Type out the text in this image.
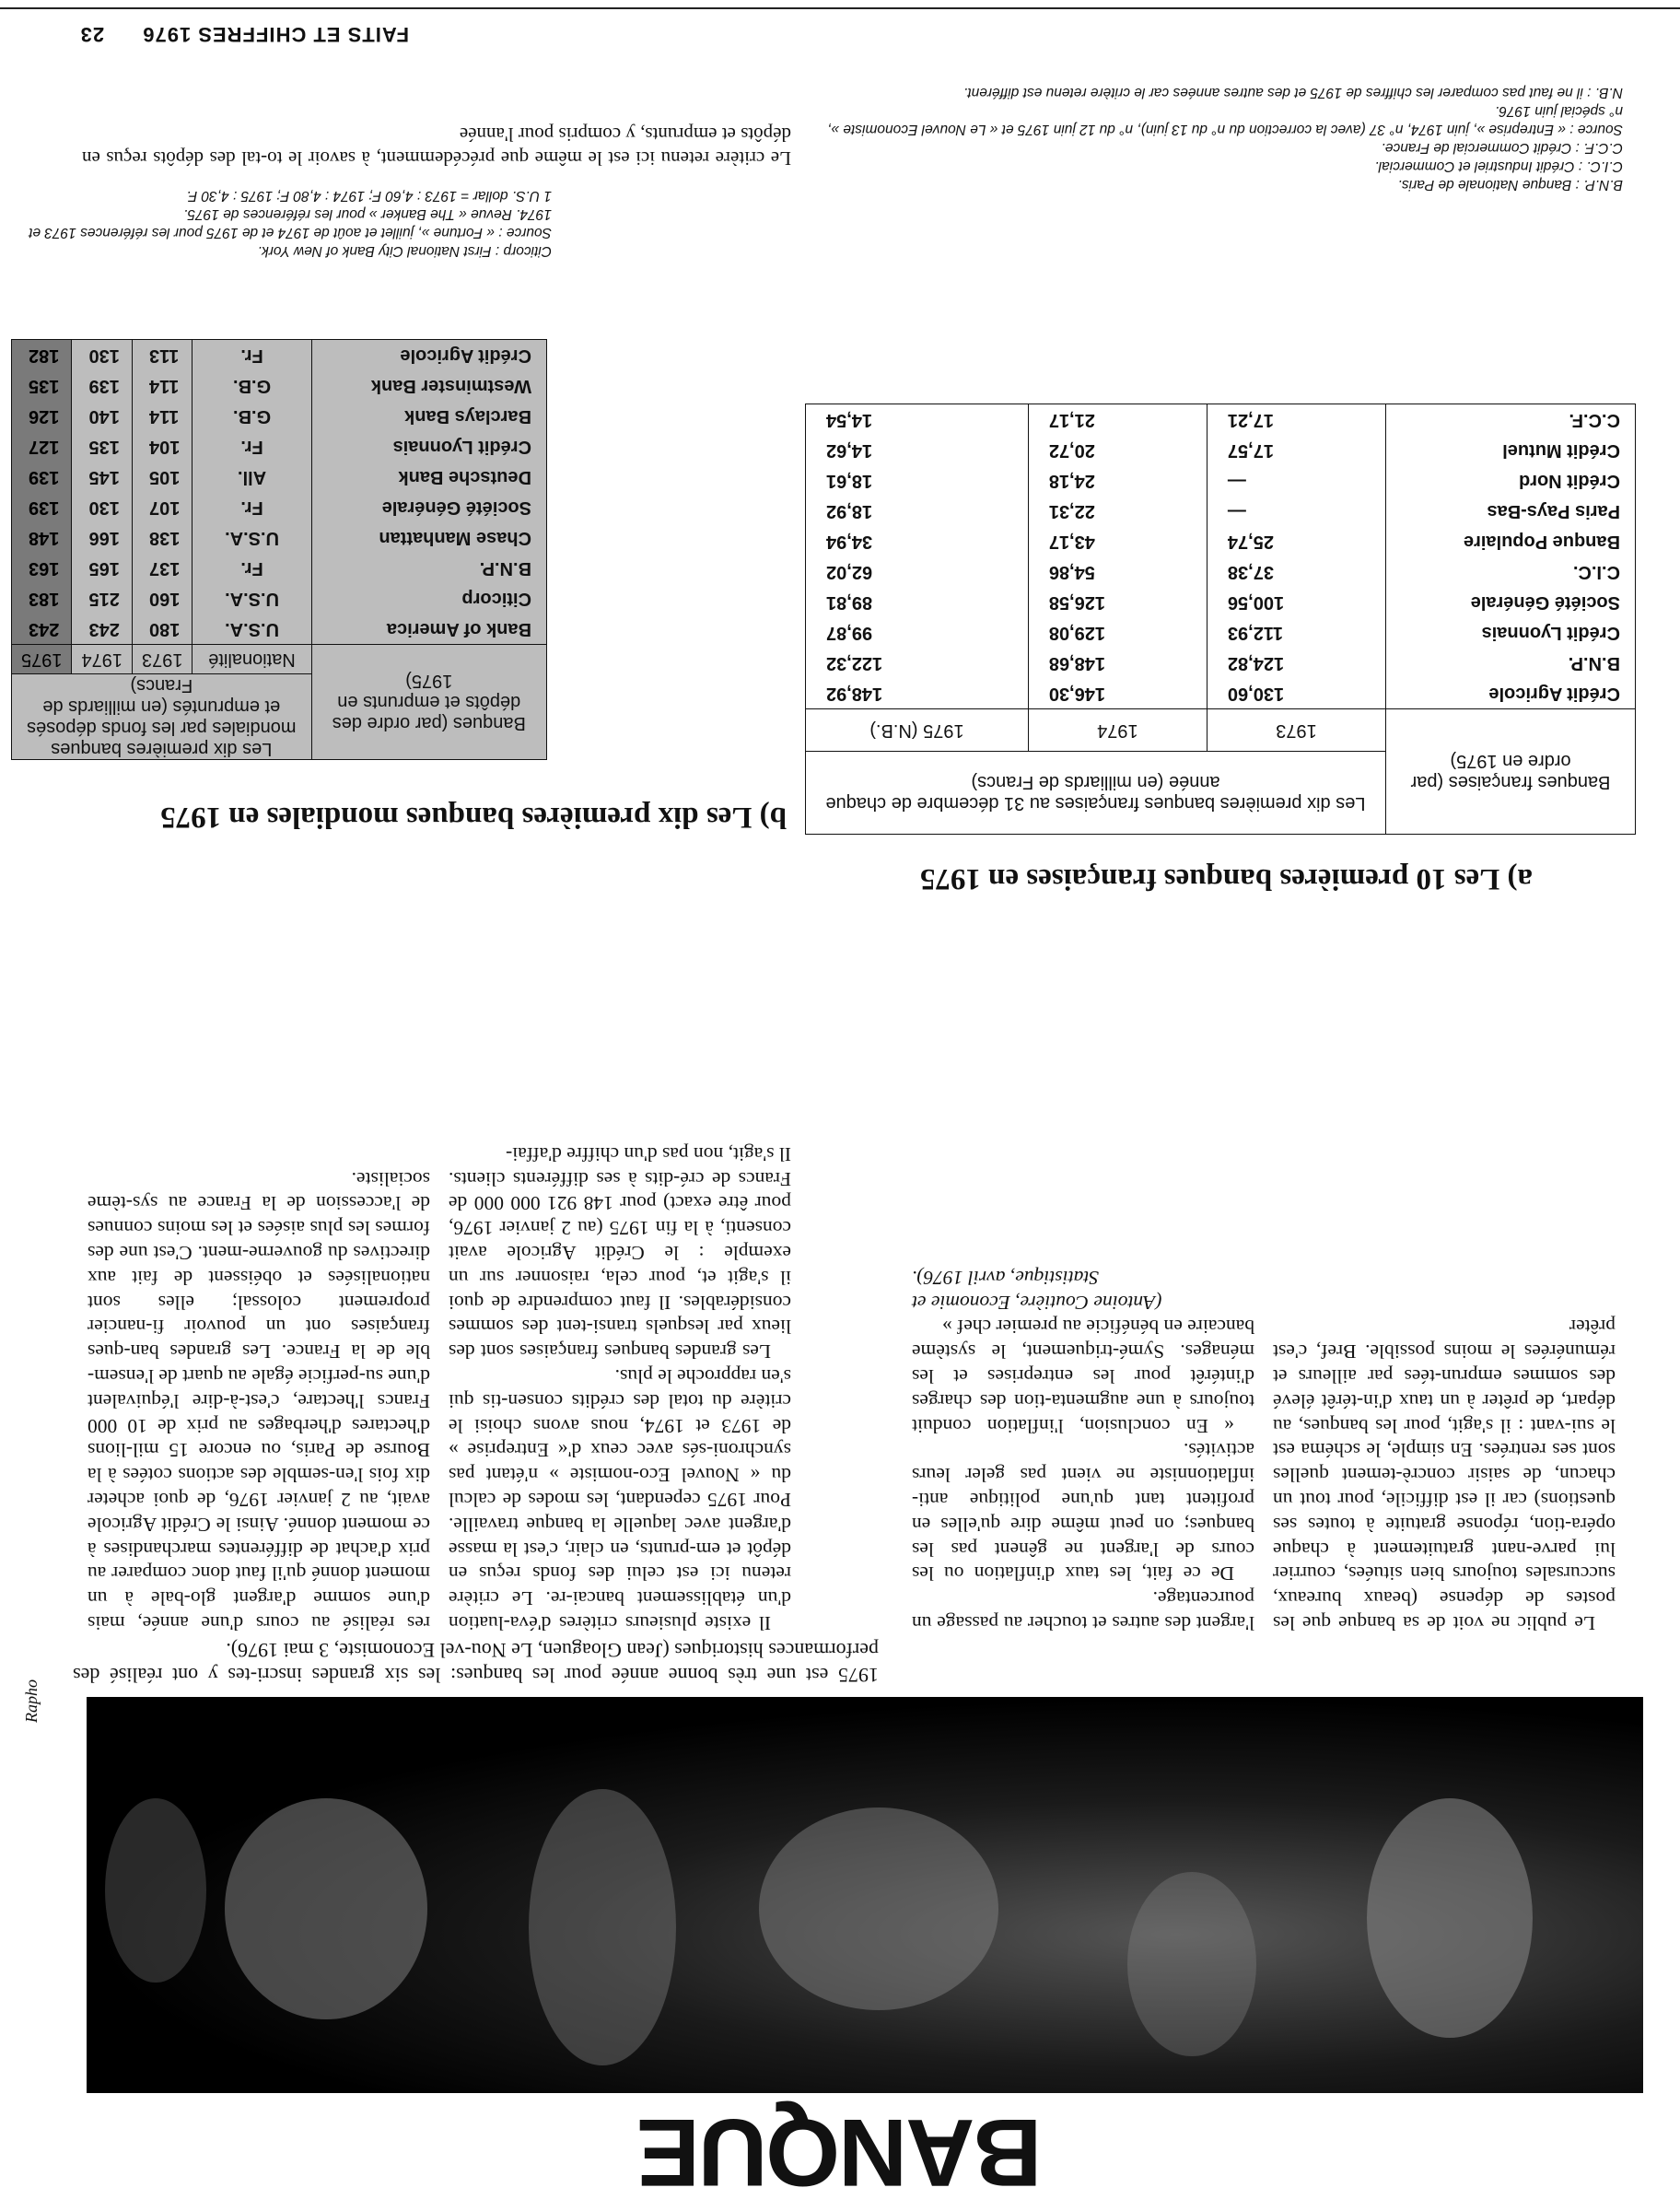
BANQUE
Rapho
1975 est une très bonne année pour les banques: les six grandes inscri-tes y ont réalisé des performances historiques (Jean Gloaguen, Le Nou-vel Economiste, 3 mai 1976).

Le public ne voit de sa banque que les postes de dépense (beaux bureaux, succursales toujours bien situées, courrier lui parve-nant gratuitement à chaque opéra-tion, réponse gratuite à toutes ses questions) car il est difficile, pour tout un chacun, de saisir concrè-tement quelles sont ses rentrées. En simple, le schéma est le sui-vant : il s'agit, pour les banques, au départ, de prêter à un taux d'in-térêt élevé des sommes emprun-tées par ailleurs et rémunérées le moins possible. Bref, c'est prêter

l'argent des autres et toucher au passage un pourcentage.

De ce fait, les taux d'inflation ou les cours de l'argent ne gênent pas les banques; on peut même dire qu'elles en profitent tant qu'une politique anti-inflationniste ne vient pas geler leurs activités.

« En conclusion, l'inflation conduit toujours à une augmenta-tion des charges d'intérêt pour les entreprises et les ménages. Symé-triquement, le système bancaire en bénéficie au premier chef »

(Antoine Coutière, Economie et Statistique, avril 1976).

Il existe plusieurs critères d'éva-luation d'un établissement bancai-re. Le critère retenu ici est celui des fonds reçus en dépôt et em-prunts, en clair, c'est la masse d'argent avec laquelle la banque travaille. Pour 1975 cependant, les modes de calcul du « Nouvel Eco-nomiste » n'étant pas synchroni-sés avec ceux d'« Entreprise » de 1973 et 1974, nous avons choisi le critère du total des crédits consen-tis qui s'en rapproche le plus.

Les grandes banques françaises sont des lieux par lesquels transi-tent des sommes considérables. Il faut comprendre de quoi il s'agit et, pour cela, raisonner sur un exemple : le Crédit Agricole avait consenti, à la fin 1975 (au 2 janvier 1976, pour être exact) pour 148 921 000 000 de Francs de cré-dits à ses différents clients. Il s'agit, non pas d'un chiffre d'affai-

res réalisé au cours d'une année, mais d'une somme d'argent glo-bale à un moment donné qu'il faut donc comparer au prix d'achat de différentes marchandises à ce moment donné. Ainsi le Crédit Agricole avait, au 2 janvier 1976, de quoi acheter dix fois l'en-semble des actions cotées à la Bourse de Paris, ou encore 15 mil-lions d'hectares d'herbages au prix de 10 000 Francs l'hectare, c'est-à-dire l'équivalent d'une su-perficie égale au quart de l'ensem-ble de la France. Les grandes ban-ques françaises ont un pouvoir fi-nancier proprement colossal; elles sont nationalisées et obéissent de fait aux directives du gouverne-ment. C'est une des formes les plus aisées et les moins connues de l'accession de la France au sys-tème socialiste.

a) Les 10 premières banques françaises en 1975
Banques françaises (par ordre en 1975)	Les dix premières banques françaises au 31 décembre de chaque année (en milliards de Francs)		
	1973	1974	1975 (N.B.)
Crédit Agricole	130,60	146,30	148,92
B.N.P.	124,82	148,68	122,32
Crédit Lyonnais	112,93	129,08	99,87
Société Générale	100,56	126,58	89,81
C.I.C.	37,38	54,86	62,02
Banque Populaire	25,74	43,17	34,94
Paris Pays-Bas	—	22,31	18,92
Crédit Nord	—	24,18	18,61
Crédit Mutuel	17,57	20,72	14,62
C.C.F.	17,21	21,17	14,54
B.N.P. : Banque Nationale de Paris.
C.I.C. : Crédit Industriel et Commercial.
C.C.F. : Crédit Commercial de France.
Source : « Entreprise », juin 1974, n° 37 (avec la correction du n° du 13 juin), n° du 12 juin 1975 et « Le Nouvel Economiste », n° spécial juin 1976.
N.B. : il ne faut pas comparer les chiffres de 1975 et des autres années car le critère retenu est différent.
b) Les dix premières banques mondiales en 1975
Banques (par ordre des dépôts et emprunts en 1975)	Les dix premières banques mondiales par les fonds déposés et empruntés (en milliards de Francs)			
	Nationalité	1973	1974	1975
Bank of America	U.S.A.	180	243	243
Citicorp	U.S.A.	160	215	183
B.N.P.	Fr.	137	165	163
Chase Manhattan	U.S.A.	138	166	148
Société Générale	Fr.	107	130	139
Deutsche Bank	All.	105	145	139
Crédit Lyonnais	Fr.	104	135	127
Barclays Bank	G.B.	114	140	126
Westminster Bank	G.B.	114	139	135
Crédit Agricole	Fr.	113	130	182
Citicorp : First National City Bank of New York.
Source : « Fortune », juillet et août de 1974 et de 1975 pour les références 1973 et 1974. Revue « The Banker » pour les références de 1975.
1 U.S. dollar = 1973 : 4,60 F; 1974 : 4,80 F; 1975 : 4,30 F.
Le critère retenu ici est le même que précédemment, à savoir le to-tal des dépôts reçus en dépôts et emprunts, y compris pour l'année
FAITS ET CHIFFRES 1976 23
